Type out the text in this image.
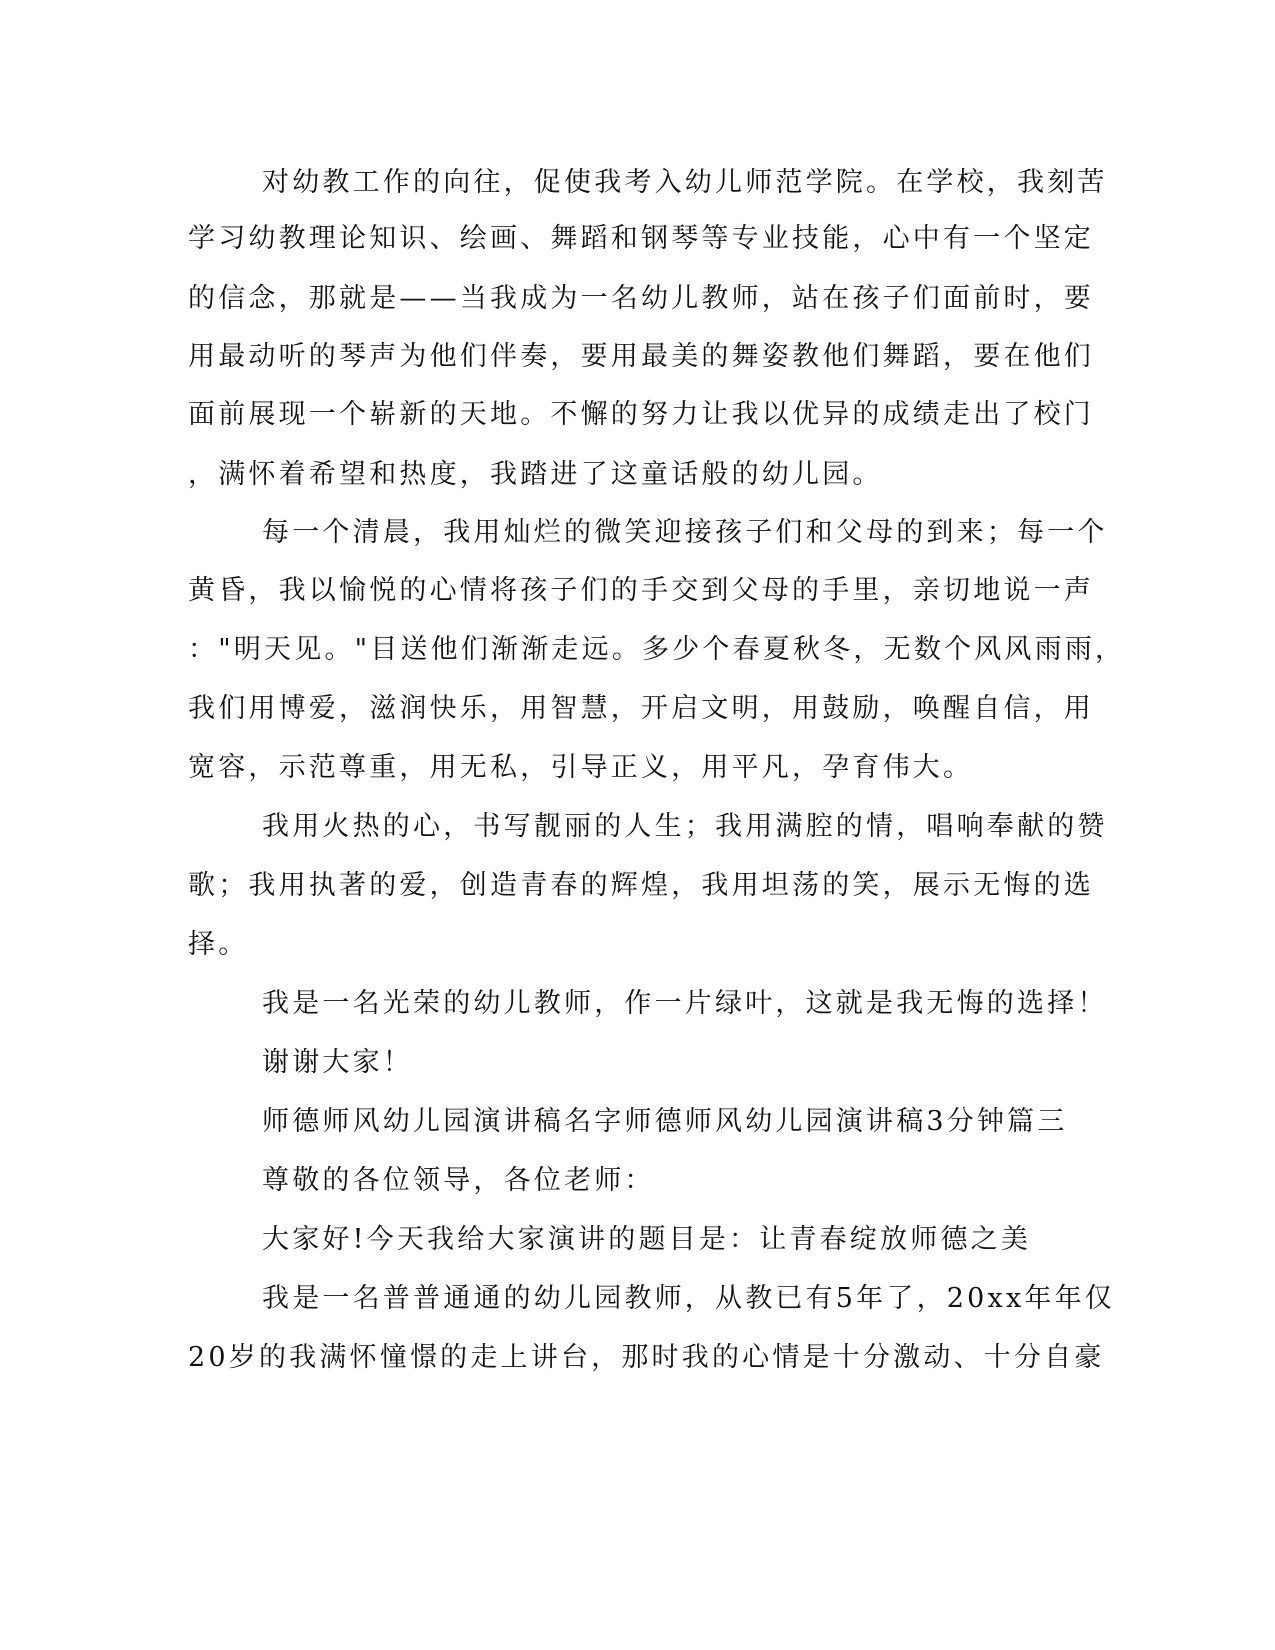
对幼教工作的向往，促使我考入幼儿师范学院。在学校，我刻苦
学习幼教理论知识、绘画、舞蹈和钢琴等专业技能，心中有一个坚定
的信念，那就是——当我成为一名幼儿教师，站在孩子们面前时，要
用最动听的琴声为他们伴奏，要用最美的舞姿教他们舞蹈，要在他们
面前展现一个崭新的天地。不懈的努力让我以优异的成绩走出了校门
，满怀着希望和热度，我踏进了这童话般的幼儿园。
每一个清晨，我用灿烂的微笑迎接孩子们和父母的到来；每一个
黄昏，我以愉悦的心情将孩子们的手交到父母的手里，亲切地说一声
："明天见。"目送他们渐渐走远。多少个春夏秋冬，无数个风风雨雨，
我们用博爱，滋润快乐，用智慧，开启文明，用鼓励，唤醒自信，用
宽容，示范尊重，用无私，引导正义，用平凡，孕育伟大。
我用火热的心，书写靓丽的人生；我用满腔的情，唱响奉献的赞
歌；我用执著的爱，创造青春的辉煌，我用坦荡的笑，展示无悔的选
择。
我是一名光荣的幼儿教师，作一片绿叶，这就是我无悔的选择！
谢谢大家！
师德师风幼儿园演讲稿名字师德师风幼儿园演讲稿3分钟篇三
尊敬的各位领导，各位老师：
大家好!今天我给大家演讲的题目是：让青春绽放师德之美
我是一名普普通通的幼儿园教师，从教已有5年了，20xx年年仅
20岁的我满怀憧憬的走上讲台，那时我的心情是十分激动、十分自豪
